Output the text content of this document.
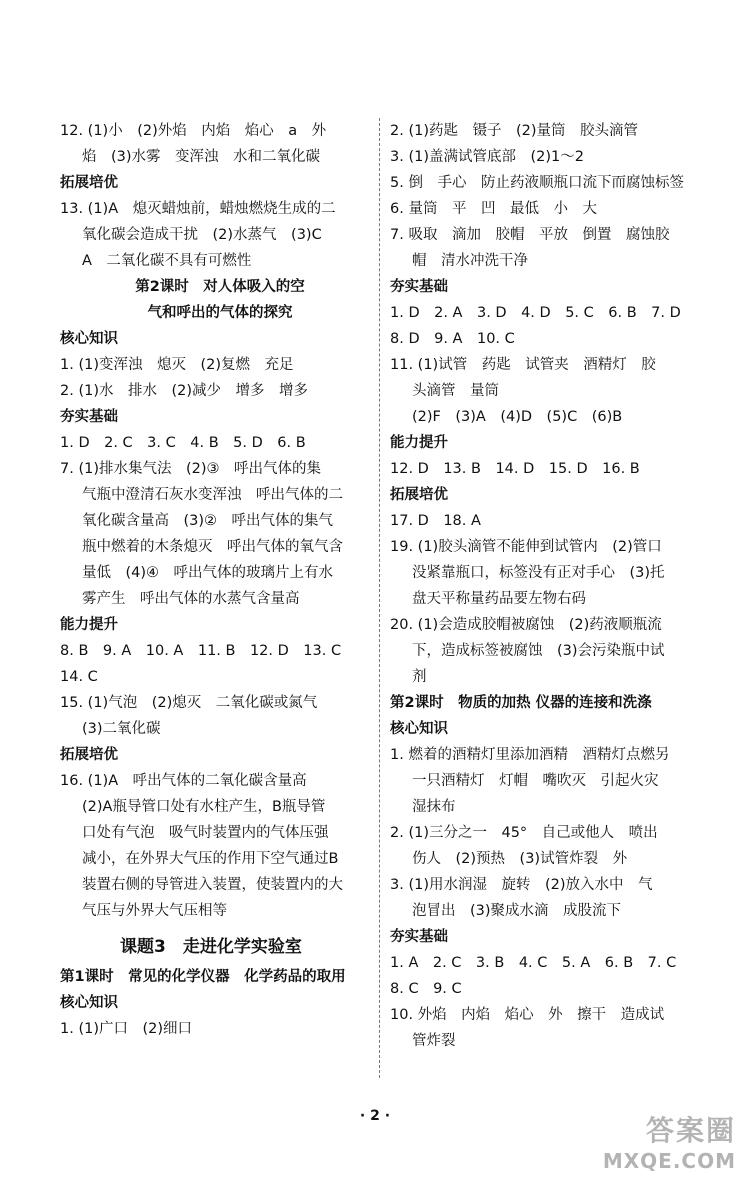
12. (1)小　(2)外焰　内焰　焰心　a　外
焰　(3)水雾　变浑浊　水和二氧化碳
拓展培优
13. (1)A　熄灭蜡烛前，蜡烛燃烧生成的二
氧化碳会造成干扰　(2)水蒸气　(3)C
A　二氧化碳不具有可燃性
第2课时　对人体吸入的空
气和呼出的气体的探究
核心知识
1. (1)变浑浊　熄灭　(2)复燃　充足
2. (1)水　排水　(2)减少　增多　增多
夯实基础
1. D　2. C　3. C　4. B　5. D　6. B
7. (1)排水集气法　(2)③　呼出气体的集
气瓶中澄清石灰水变浑浊　呼出气体的二
氧化碳含量高　(3)②　呼出气体的集气
瓶中燃着的木条熄灭　呼出气体的氧气含
量低　(4)④　呼出气体的玻璃片上有水
雾产生　呼出气体的水蒸气含量高
能力提升
8. B　9. A　10. A　11. B　12. D　13. C
14. C
15. (1)气泡　(2)熄灭　二氧化碳或氮气
(3)二氧化碳
拓展培优
16. (1)A　呼出气体的二氧化碳含量高
(2)A瓶导管口处有水柱产生，B瓶导管
口处有气泡　吸气时装置内的气体压强
减小，在外界大气压的作用下空气通过B
装置右侧的导管进入装置，使装置内的大
气压与外界大气压相等
课题3　走进化学实验室
第1课时　常见的化学仪器　化学药品的取用
核心知识
1. (1)广口　(2)细口
2. (1)药匙　镊子　(2)量筒　胶头滴管
3. (1)盖满试管底部　(2)1～2
5. 倒　手心　防止药液顺瓶口流下而腐蚀标签
6. 量筒　平　凹　最低　小　大
7. 吸取　滴加　胶帽　平放　倒置　腐蚀胶
帽　清水冲洗干净
夯实基础
1. D　2. A　3. D　4. D　5. C　6. B　7. D
8. D　9. A　10. C
11. (1)试管　药匙　试管夹　酒精灯　胶
头滴管　量筒
(2)F　(3)A　(4)D　(5)C　(6)B
能力提升
12. D　13. B　14. D　15. D　16. B
拓展培优
17. D　18. A
19. (1)胶头滴管不能伸到试管内　(2)管口
没紧靠瓶口，标签没有正对手心　(3)托
盘天平称量药品要左物右码
20. (1)会造成胶帽被腐蚀　(2)药液顺瓶流
下，造成标签被腐蚀　(3)会污染瓶中试
剂
第2课时　物质的加热 仪器的连接和洗涤
核心知识
1. 燃着的酒精灯里添加酒精　酒精灯点燃另
一只酒精灯　灯帽　嘴吹灭　引起火灾
湿抹布
2. (1)三分之一　45°　自己或他人　喷出
伤人　(2)预热　(3)试管炸裂　外
3. (1)用水润湿　旋转　(2)放入水中　气
泡冒出　(3)聚成水滴　成股流下
夯实基础
1. A　2. C　3. B　4. C　5. A　6. B　7. C
8. C　9. C
10. 外焰　内焰　焰心　外　擦干　造成试
管炸裂
· 2 ·	答案圈
MXQE.COM
